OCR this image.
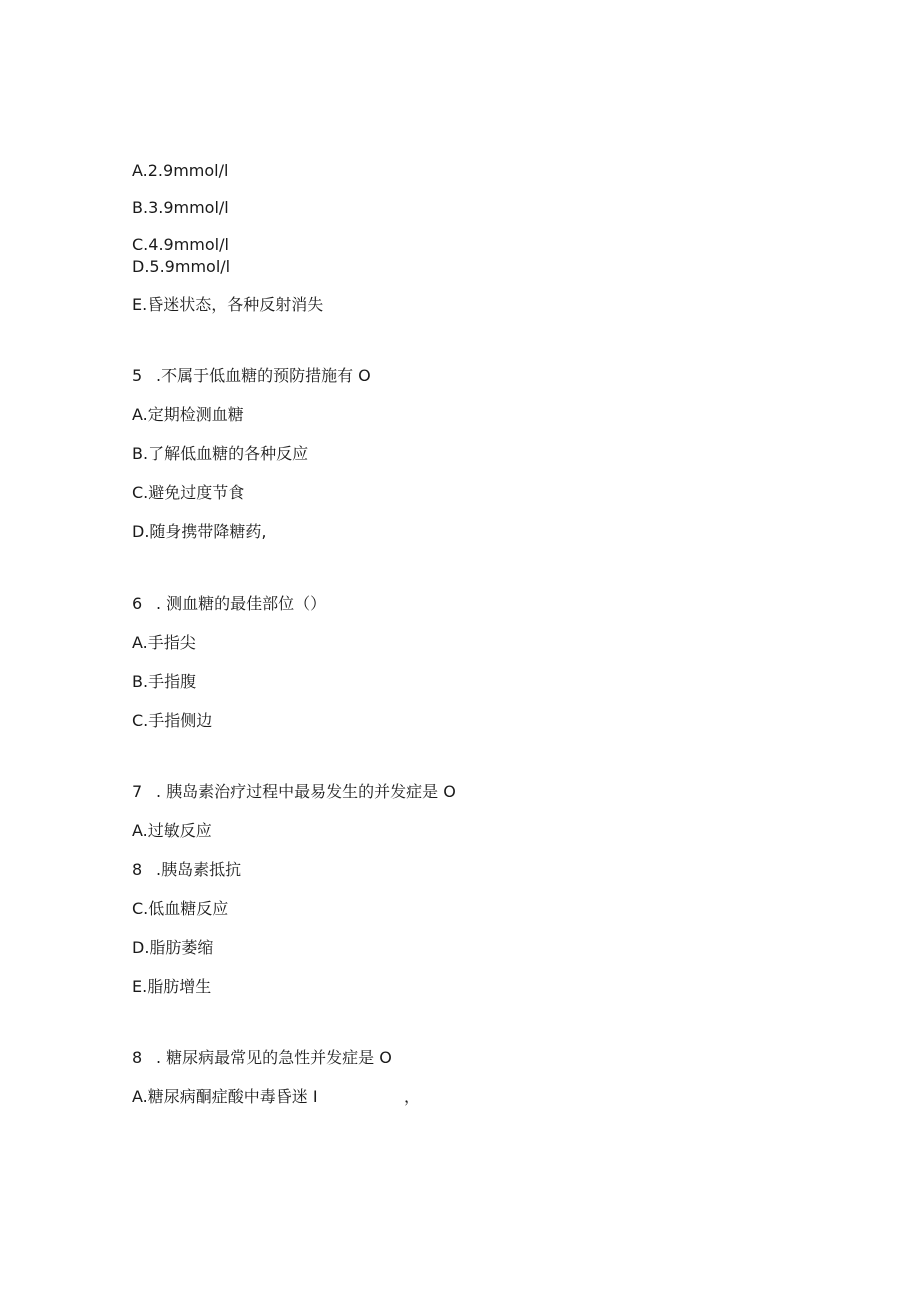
A.2.9mmol/l
B.3.9mmol/l
C.4.9mmol/l
D.5.9mmol/l
E.昏迷状态，各种反射消失
5 .不属于低血糖的预防措施有 O
A.定期检测血糖
B.了解低血糖的各种反应
C.避免过度节食
D.随身携带降糖药,
6 . 测血糖的最佳部位（）
A.手指尖
B.手指腹
C.手指侧边
7 . 胰岛素治疗过程中最易发生的并发症是 O
A.过敏反应
8 .胰岛素抵抗
C.低血糖反应
D.脂肪萎缩
E.脂肪增生
8 . 糖尿病最常见的急性并发症是 O
A.糖尿病酮症酸中毒昏迷 I                 ，
